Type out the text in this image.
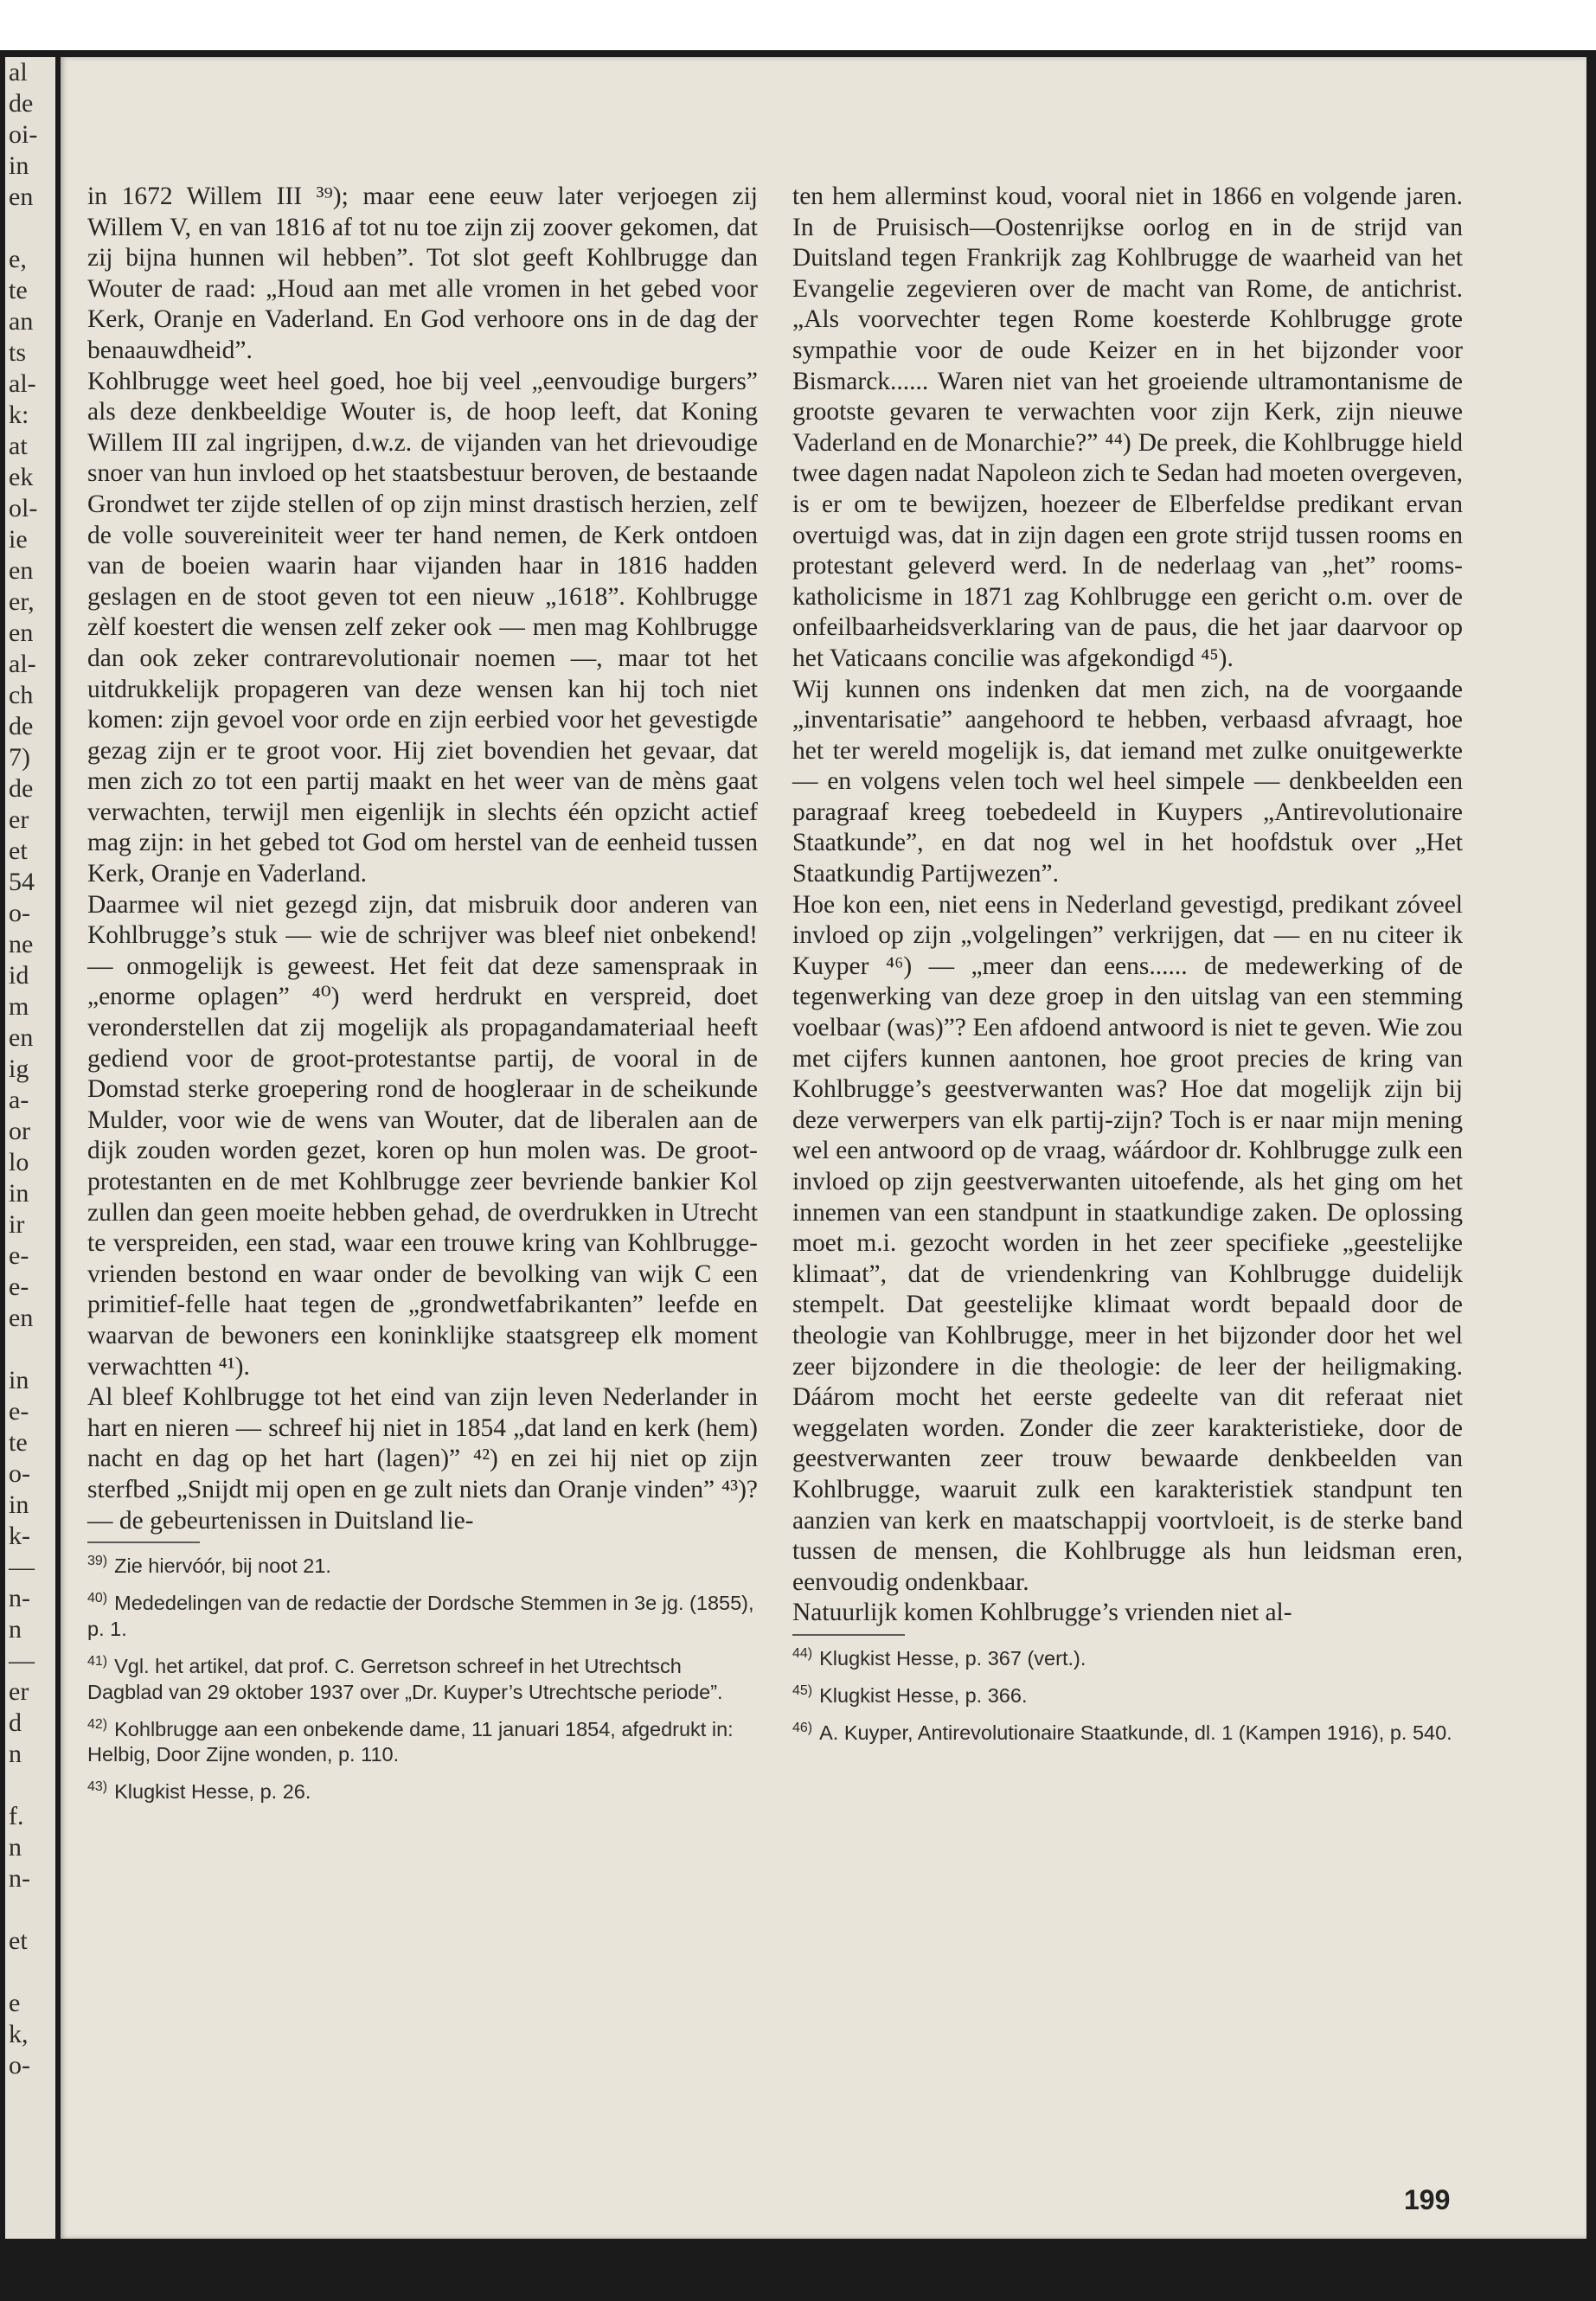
al
de
oi-
in
en
e,
te
an
ts
al-
k:
at
ek
ol-
ie
en
er,
en
al-
ch
de
7)
de
er
et
54
o-
ne
id
m
en
ig
a-
or
lo
in
ir
e-
e-
en
in
e-
te
o-
in
k-
—
n-
n
—
er
d
n
f.
n
n-
et
e
k,
o-

in 1672 Willem III ³⁹); maar eene eeuw later verjoegen zij Willem V, en van 1816 af tot nu toe zijn zij zoover gekomen, dat zij bijna hunnen wil hebben”. Tot slot geeft Kohlbrugge dan Wouter de raad: „Houd aan met alle vromen in het gebed voor Kerk, Oranje en Vaderland. En God verhoore ons in de dag der benaauwdheid”.

Kohlbrugge weet heel goed, hoe bij veel „eenvoudige burgers” als deze denkbeeldige Wouter is, de hoop leeft, dat Koning Willem III zal ingrijpen, d.w.z. de vijanden van het drievoudige snoer van hun invloed op het staatsbestuur beroven, de bestaande Grondwet ter zijde stellen of op zijn minst drastisch herzien, zelf de volle souvereiniteit weer ter hand nemen, de Kerk ontdoen van de boeien waarin haar vijanden haar in 1816 hadden geslagen en de stoot geven tot een nieuw „1618”. Kohlbrugge zèlf koestert die wensen zelf zeker ook — men mag Kohlbrugge dan ook zeker contrarevolutionair noemen —, maar tot het uitdrukkelijk propageren van deze wensen kan hij toch niet komen: zijn gevoel voor orde en zijn eerbied voor het gevestigde gezag zijn er te groot voor. Hij ziet bovendien het gevaar, dat men zich zo tot een partij maakt en het weer van de mèns gaat verwachten, terwijl men eigenlijk in slechts één opzicht actief mag zijn: in het gebed tot God om herstel van de eenheid tussen Kerk, Oranje en Vaderland.

Daarmee wil niet gezegd zijn, dat misbruik door anderen van Kohlbrugge’s stuk — wie de schrijver was bleef niet onbekend! — onmogelijk is geweest. Het feit dat deze samenspraak in „enorme oplagen” ⁴⁰) werd herdrukt en verspreid, doet veronderstellen dat zij mogelijk als propagandamateriaal heeft gediend voor de groot-protestantse partij, de vooral in de Domstad sterke groepering rond de hoogleraar in de scheikunde Mulder, voor wie de wens van Wouter, dat de liberalen aan de dijk zouden worden gezet, koren op hun molen was. De groot-protestanten en de met Kohlbrugge zeer bevriende bankier Kol zullen dan geen moeite hebben gehad, de overdrukken in Utrecht te verspreiden, een stad, waar een trouwe kring van Kohlbrugge-vrienden bestond en waar onder de bevolking van wijk C een primitief-felle haat tegen de „grondwetfabrikanten” leefde en waarvan de bewoners een koninklijke staatsgreep elk moment verwachtten ⁴¹).

Al bleef Kohlbrugge tot het eind van zijn leven Nederlander in hart en nieren — schreef hij niet in 1854 „dat land en kerk (hem) nacht en dag op het hart (lagen)” ⁴²) en zei hij niet op zijn sterfbed „Snijdt mij open en ge zult niets dan Oranje vinden” ⁴³)? — de gebeurtenissen in Duitsland lie-

$^{39)}$ Zie hiervóór, bij noot 21.
$^{40)}$ Mededelingen van de redactie der Dordsche Stemmen in 3e jg. (1855), p. 1.
$^{41)}$ Vgl. het artikel, dat prof. C. Gerretson schreef in het Utrechtsch Dagblad van 29 oktober 1937 over „Dr. Kuyper’s Utrechtsche periode”.
$^{42)}$ Kohlbrugge aan een onbekende dame, 11 januari 1854, afgedrukt in: Helbig, Door Zijne wonden, p. 110.
$^{43)}$ Klugkist Hesse, p. 26.

ten hem allerminst koud, vooral niet in 1866 en volgende jaren. In de Pruisisch—Oostenrijkse oorlog en in de strijd van Duitsland tegen Frankrijk zag Kohlbrugge de waarheid van het Evangelie zegevieren over de macht van Rome, de antichrist. „Als voorvechter tegen Rome koesterde Kohlbrugge grote sympathie voor de oude Keizer en in het bijzonder voor Bismarck...... Waren niet van het groeiende ultramontanisme de grootste gevaren te verwachten voor zijn Kerk, zijn nieuwe Vaderland en de Monarchie?” ⁴⁴) De preek, die Kohlbrugge hield twee dagen nadat Napoleon zich te Sedan had moeten overgeven, is er om te bewijzen, hoezeer de Elberfeldse predikant ervan overtuigd was, dat in zijn dagen een grote strijd tussen rooms en protestant geleverd werd. In de nederlaag van „het” rooms-katholicisme in 1871 zag Kohlbrugge een gericht o.m. over de onfeilbaarheidsverklaring van de paus, die het jaar daarvoor op het Vaticaans concilie was afgekondigd ⁴⁵).

Wij kunnen ons indenken dat men zich, na de voorgaande „inventarisatie” aangehoord te hebben, verbaasd afvraagt, hoe het ter wereld mogelijk is, dat iemand met zulke onuitgewerkte — en volgens velen toch wel heel simpele — denkbeelden een paragraaf kreeg toebedeeld in Kuypers „Antirevolutionaire Staatkunde”, en dat nog wel in het hoofdstuk over „Het Staatkundig Partijwezen”.

Hoe kon een, niet eens in Nederland gevestigd, predikant zóveel invloed op zijn „volgelingen” verkrijgen, dat — en nu citeer ik Kuyper ⁴⁶) — „meer dan eens...... de medewerking of de tegenwerking van deze groep in den uitslag van een stemming voelbaar (was)”? Een afdoend antwoord is niet te geven. Wie zou met cijfers kunnen aantonen, hoe groot precies de kring van Kohlbrugge’s geestverwanten was? Hoe dat mogelijk zijn bij deze verwerpers van elk partij-zijn? Toch is er naar mijn mening wel een antwoord op de vraag, wáárdoor dr. Kohlbrugge zulk een invloed op zijn geestverwanten uitoefende, als het ging om het innemen van een standpunt in staatkundige zaken. De oplossing moet m.i. gezocht worden in het zeer specifieke „geestelijke klimaat”, dat de vriendenkring van Kohlbrugge duidelijk stempelt. Dat geestelijke klimaat wordt bepaald door de theologie van Kohlbrugge, meer in het bijzonder door het wel zeer bijzondere in die theologie: de leer der heiligmaking. Dáárom mocht het eerste gedeelte van dit referaat niet weggelaten worden. Zonder die zeer karakteristieke, door de geestverwanten zeer trouw bewaarde denkbeelden van Kohlbrugge, waaruit zulk een karakteristiek standpunt ten aanzien van kerk en maatschappij voortvloeit, is de sterke band tussen de mensen, die Kohlbrugge als hun leidsman eren, eenvoudig ondenkbaar.

Natuurlijk komen Kohlbrugge’s vrienden niet al-

$^{44)}$ Klugkist Hesse, p. 367 (vert.).
$^{45)}$ Klugkist Hesse, p. 366.
$^{46)}$ A. Kuyper, Antirevolutionaire Staatkunde, dl. 1 (Kampen 1916), p. 540.
199
